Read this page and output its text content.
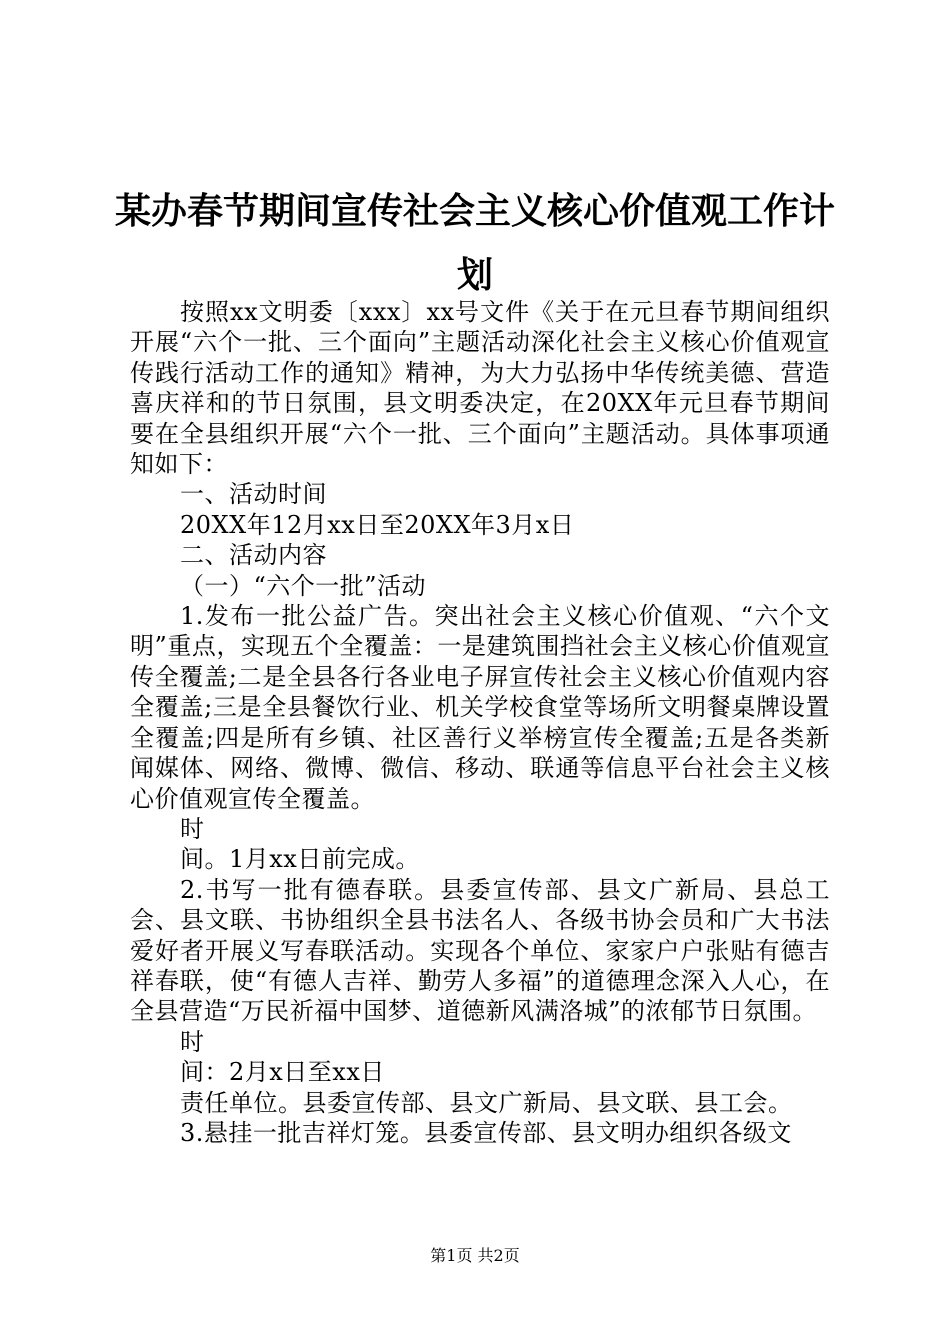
某办春节期间宣传社会主义核心价值观工作计划

按照xx文明委〔xxx〕xx号文件《关于在元旦春节期间组织开展“六个一批、三个面向”主题活动深化社会主义核心价值观宣传践行活动工作的通知》精神，为大力弘扬中华传统美德、营造喜庆祥和的节日氛围，县文明委决定，在20XX年元旦春节期间要在全县组织开展“六个一批、三个面向”主题活动。具体事项通知如下：

一、活动时间

20XX年12月xx日至20XX年3月x日

二、活动内容

（一）“六个一批”活动

1.发布一批公益广告。突出社会主义核心价值观、“六个文明”重点，实现五个全覆盖：一是建筑围挡社会主义核心价值观宣传全覆盖;二是全县各行各业电子屏宣传社会主义核心价值观内容全覆盖;三是全县餐饮行业、机关学校食堂等场所文明餐桌牌设置全覆盖;四是所有乡镇、社区善行义举榜宣传全覆盖;五是各类新闻媒体、网络、微博、微信、移动、联通等信息平台社会主义核心价值观宣传全覆盖。

时

间。1月xx日前完成。

2.书写一批有德春联。县委宣传部、县文广新局、县总工会、县文联、书协组织全县书法名人、各级书协会员和广大书法爱好者开展义写春联活动。实现各个单位、家家户户张贴有德吉祥春联，使“有德人吉祥、勤劳人多福”的道德理念深入人心，在全县营造“万民祈福中国梦、道德新风满洛城”的浓郁节日氛围。

时

间：2月x日至xx日

责任单位。县委宣传部、县文广新局、县文联、县工会。

3.悬挂一批吉祥灯笼。县委宣传部、县文明办组织各级文

第1页 共2页
